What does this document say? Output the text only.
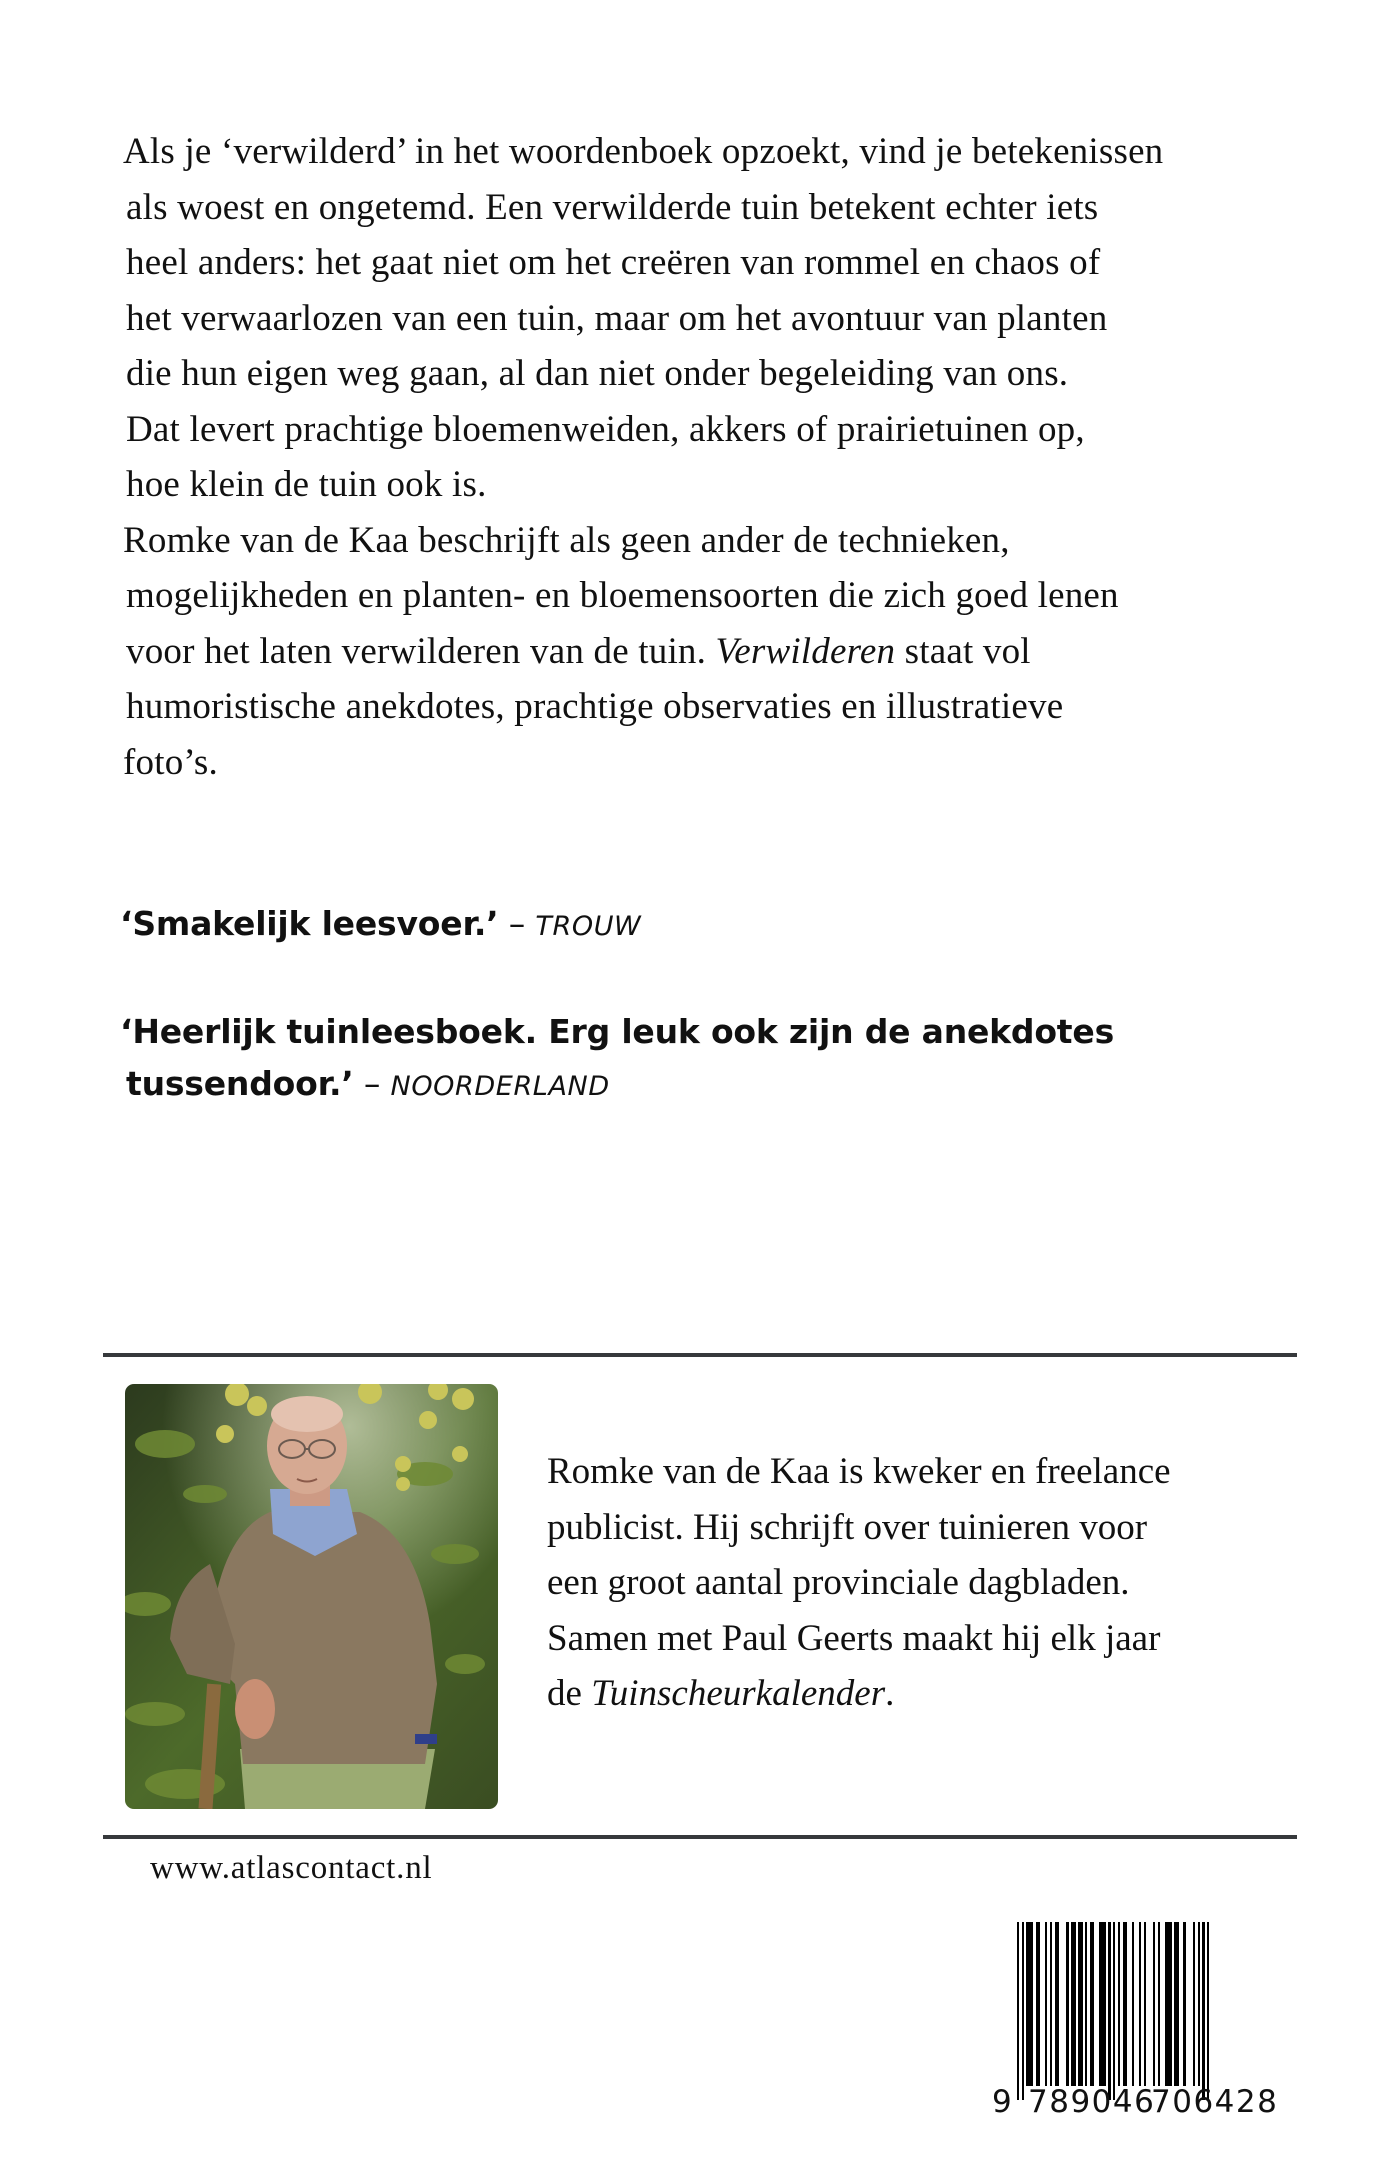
Als je ‘verwilderd’ in het woordenboek opzoekt, vind je betekenissen
als woest en ongetemd. Een verwilderde tuin betekent echter iets
heel anders: het gaat niet om het creëren van rommel en chaos of
het verwaarlozen van een tuin, maar om het avontuur van planten
die hun eigen weg gaan, al dan niet onder begeleiding van ons.
Dat levert prachtige bloemenweiden, akkers of prairietuinen op,
hoe klein de tuin ook is.
Romke van de Kaa beschrijft als geen ander de technieken,
mogelijkheden en planten- en bloemensoorten die zich goed lenen
voor het laten verwilderen van de tuin. Verwilderen staat vol
humoristische anekdotes, prachtige observaties en illustratieve
foto’s.
‘Smakelijk leesvoer.’ – TROUW
‘Heerlijk tuinleesboek. Erg leuk ook zijn de anekdotes
tussendoor.’ – NOORDERLAND
Romke van de Kaa is kweker en freelance
publicist. Hij schrijft over tuinieren voor
een groot aantal provinciale dagbladen.
Samen met Paul Geerts maakt hij elk jaar
de Tuinscheurkalender.
www.atlascontact.nl
9 789046
706428
